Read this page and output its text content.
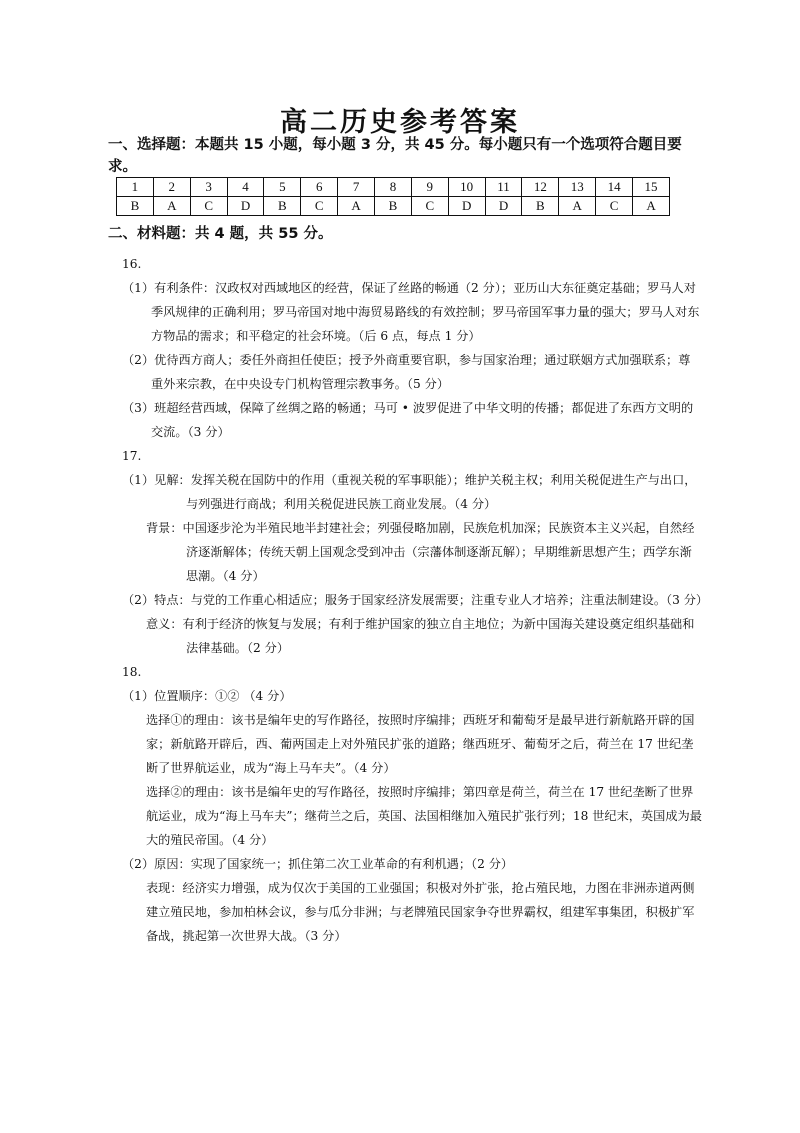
高二历史参考答案

一、选择题：本题共 15 小题，每小题 3 分，共 45 分。每小题只有一个选项符合题目要求。

1	2	3	4	5	6	7	8	9	10	11	12	13	14	15
B	A	C	D	B	C	A	B	C	D	D	B	A	C	A

二、材料题：共 4 题，共 55 分。

16.

（1）有利条件：汉政权对西域地区的经营，保证了丝路的畅通（2 分）；亚历山大东征奠定基础；罗马人对季风规律的正确利用；罗马帝国对地中海贸易路线的有效控制；罗马帝国军事力量的强大；罗马人对东方物品的需求；和平稳定的社会环境。（后 6 点，每点 1 分）

（2）优待西方商人；委任外商担任使臣；授予外商重要官职，参与国家治理；通过联姻方式加强联系；尊重外来宗教，在中央设专门机构管理宗教事务。（5 分）

（3）班超经营西域，保障了丝绸之路的畅通；马可 • 波罗促进了中华文明的传播；都促进了东西方文明的交流。（3 分）

17.

（1）见解：发挥关税在国防中的作用（重视关税的军事职能）；维护关税主权；利用关税促进生产与出口，与列强进行商战；利用关税促进民族工商业发展。（4 分）

背景：中国逐步沦为半殖民地半封建社会；列强侵略加剧，民族危机加深；民族资本主义兴起，自然经济逐渐解体；传统天朝上国观念受到冲击（宗藩体制逐渐瓦解）；早期维新思想产生；西学东渐思潮。（4 分）

（2）特点：与党的工作重心相适应；服务于国家经济发展需要；注重专业人才培养；注重法制建设。（3 分）

意义：有利于经济的恢复与发展；有利于维护国家的独立自主地位；为新中国海关建设奠定组织基础和法律基础。（2 分）

18.

（1）位置顺序：①② （4 分）

选择①的理由：该书是编年史的写作路径，按照时序编排；西班牙和葡萄牙是最早进行新航路开辟的国家；新航路开辟后，西、葡两国走上对外殖民扩张的道路；继西班牙、葡萄牙之后，荷兰在 17 世纪垄断了世界航运业，成为“海上马车夫”。（4 分）

选择②的理由：该书是编年史的写作路径，按照时序编排；第四章是荷兰，荷兰在 17 世纪垄断了世界航运业，成为“海上马车夫”；继荷兰之后，英国、法国相继加入殖民扩张行列；18 世纪末，英国成为最大的殖民帝国。（4 分）

（2）原因：实现了国家统一；抓住第二次工业革命的有利机遇；（2 分）

表现：经济实力增强，成为仅次于美国的工业强国；积极对外扩张，抢占殖民地，力图在非洲赤道两侧建立殖民地，参加柏林会议，参与瓜分非洲；与老牌殖民国家争夺世界霸权，组建军事集团，积极扩军备战，挑起第一次世界大战。（3 分）
